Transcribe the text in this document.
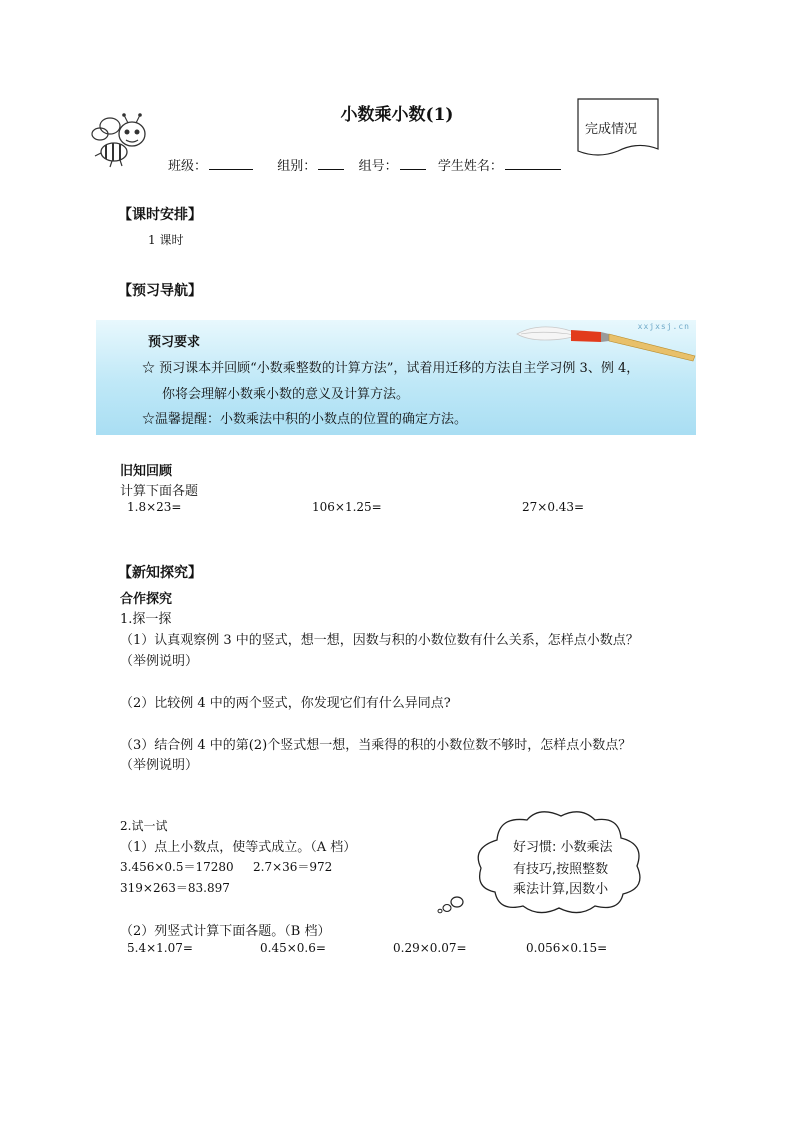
小数乘小数(1)
完成情况
班级：	组别：	组号：	学生姓名：
【课时安排】
1 课时
【预习导航】
xxjxsj.cn
预习要求
☆ 预习课本并回顾“小数乘整数的计算方法”，试着用迁移的方法自主学习例 3、例 4，
你将会理解小数乘小数的意义及计算方法。
☆温馨提醒：小数乘法中积的小数点的位置的确定方法。
旧知回顾
计算下面各题
1.8×23=	106×1.25=	27×0.43=
【新知探究】
合作探究
1.探一探
（1）认真观察例 3 中的竖式，想一想，因数与积的小数位数有什么关系，怎样点小数点？
（举例说明）
（2）比较例 4 中的两个竖式，你发现它们有什么异同点?
（3）结合例 4 中的第(2)个竖式想一想，当乘得的积的小数位数不够时，怎样点小数点？
（举例说明）
2.试一试
（1）点上小数点，使等式成立。（A 档）
3.456×0.5＝17280 2.7×36＝972
319×263＝83.897
（2）列竖式计算下面各题。（B 档）
5.4×1.07=	0.45×0.6=	0.29×0.07=	0.056×0.15=
好习惯: 小数乘法
有技巧,按照整数
